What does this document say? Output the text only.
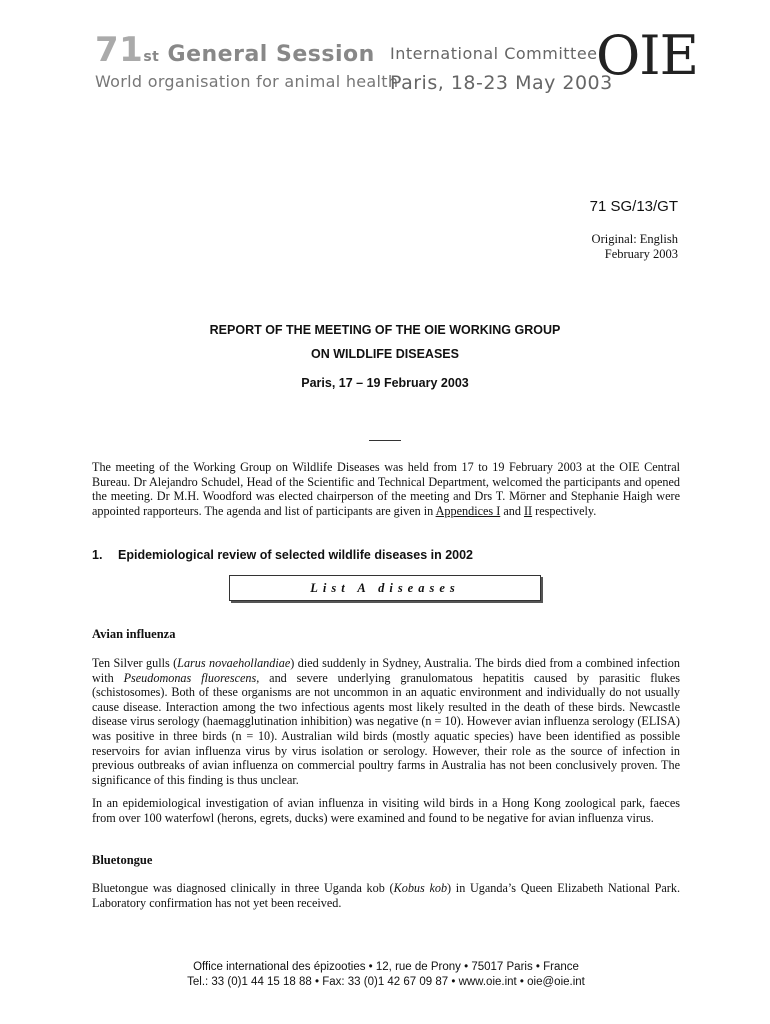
71st General Session
World organisation for animal health
International Committee
Paris, 18-23 May 2003
OIE
71 SG/13/GT
Original: English
February 2003
REPORT OF THE MEETING OF THE OIE WORKING GROUP
ON WILDLIFE DISEASES
Paris, 17 – 19 February 2003
The meeting of the Working Group on Wildlife Diseases was held from 17 to 19 February 2003 at the OIE Central Bureau. Dr Alejandro Schudel, Head of the Scientific and Technical Department, welcomed the participants and opened the meeting. Dr M.H. Woodford was elected chairperson of the meeting and Drs T. Mörner and Stephanie Haigh were appointed rapporteurs. The agenda and list of participants are given in Appendices I and II respectively.
1. Epidemiological review of selected wildlife diseases in 2002
List A diseases
Avian influenza
Ten Silver gulls (Larus novaehollandiae) died suddenly in Sydney, Australia. The birds died from a combined infection with Pseudomonas fluorescens, and severe underlying granulomatous hepatitis caused by parasitic flukes (schistosomes). Both of these organisms are not uncommon in an aquatic environment and individually do not usually cause disease. Interaction among the two infectious agents most likely resulted in the death of these birds. Newcastle disease virus serology (haemagglutination inhibition) was negative (n = 10). However avian influenza serology (ELISA) was positive in three birds (n = 10). Australian wild birds (mostly aquatic species) have been identified as possible reservoirs for avian influenza virus by virus isolation or serology. However, their role as the source of infection in previous outbreaks of avian influenza on commercial poultry farms in Australia has not been conclusively proven. The significance of this finding is thus unclear.
In an epidemiological investigation of avian influenza in visiting wild birds in a Hong Kong zoological park, faeces from over 100 waterfowl (herons, egrets, ducks) were examined and found to be negative for avian influenza virus.
Bluetongue
Bluetongue was diagnosed clinically in three Uganda kob (Kobus kob) in Uganda’s Queen Elizabeth National Park. Laboratory confirmation has not yet been received.
Office international des épizooties • 12, rue de Prony • 75017 Paris • France
Tel.: 33 (0)1 44 15 18 88 • Fax: 33 (0)1 42 67 09 87 • www.oie.int • oie@oie.int
